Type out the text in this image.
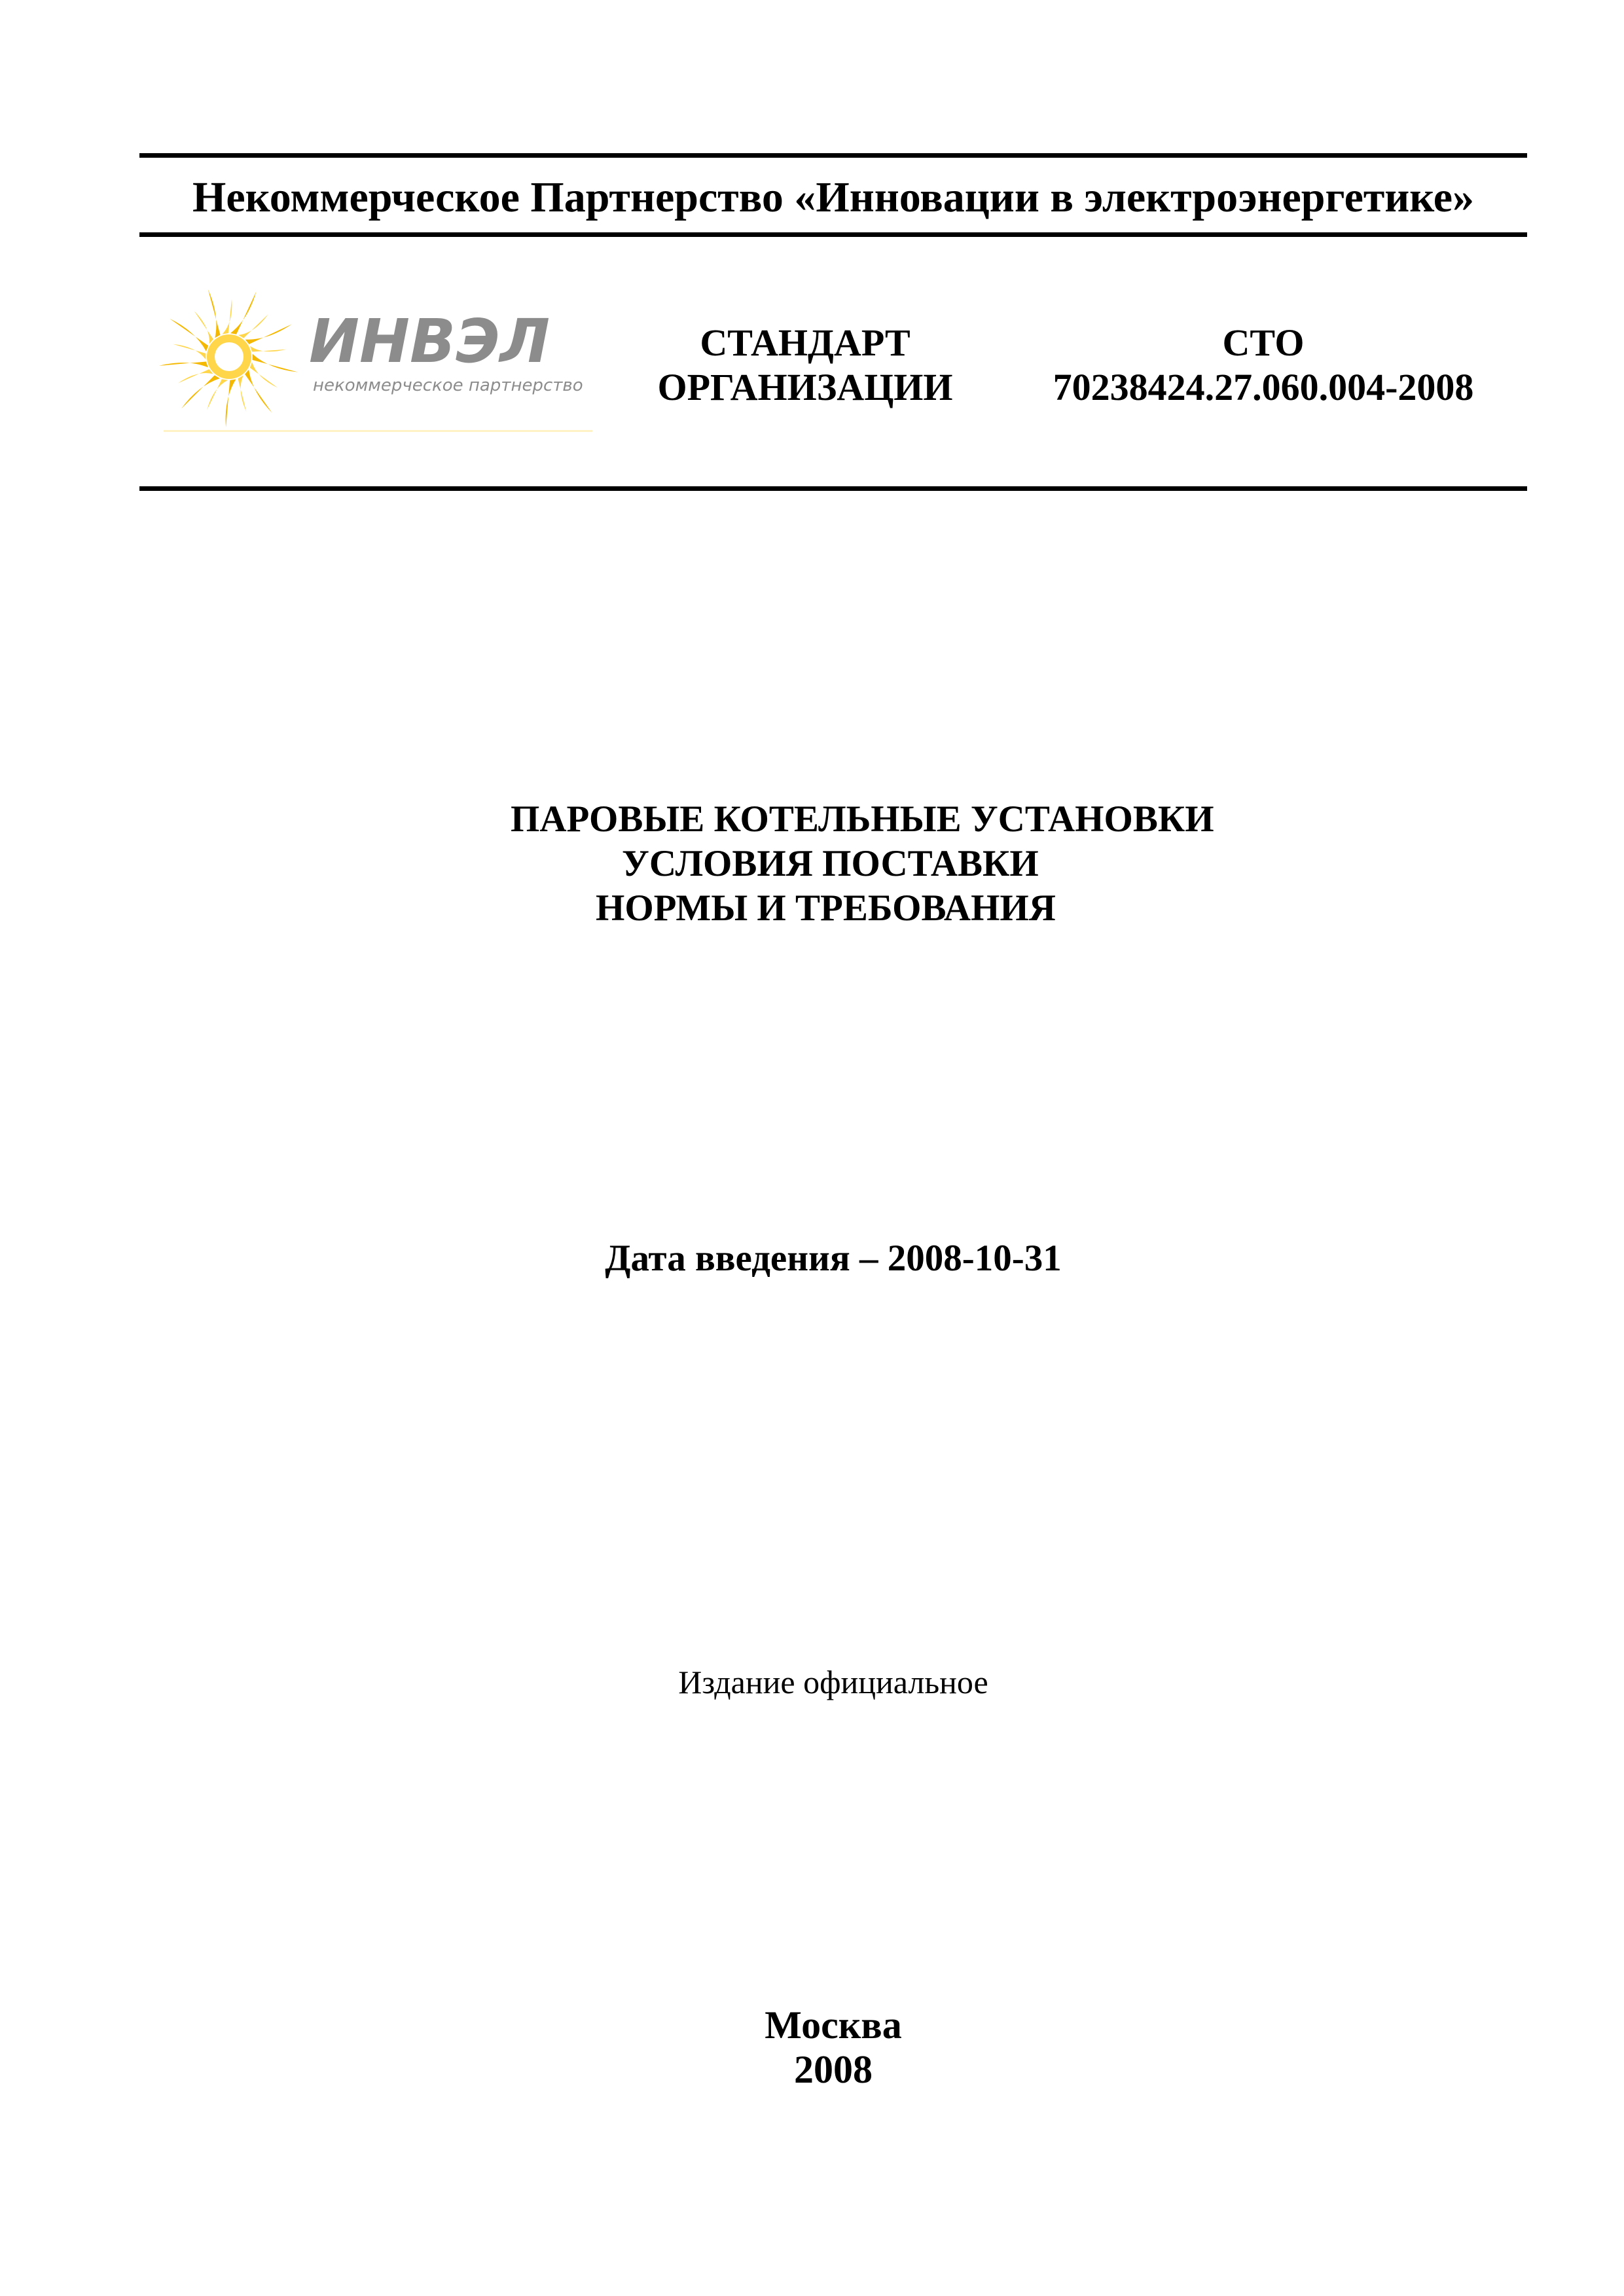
Некоммерческое Партнерство «Инновации в электроэнергетике»
ИНВЭЛ
некоммерческое партнерство
СТАНДАРТ
ОРГАНИЗАЦИИ
СТО
70238424.27.060.004-2008
ПАРОВЫЕ КОТЕЛЬНЫЕ УСТАНОВКИ
УСЛОВИЯ ПОСТАВКИ
НОРМЫ И ТРЕБОВАНИЯ
Дата введения – 2008-10-31
Издание официальное
Москва
2008
